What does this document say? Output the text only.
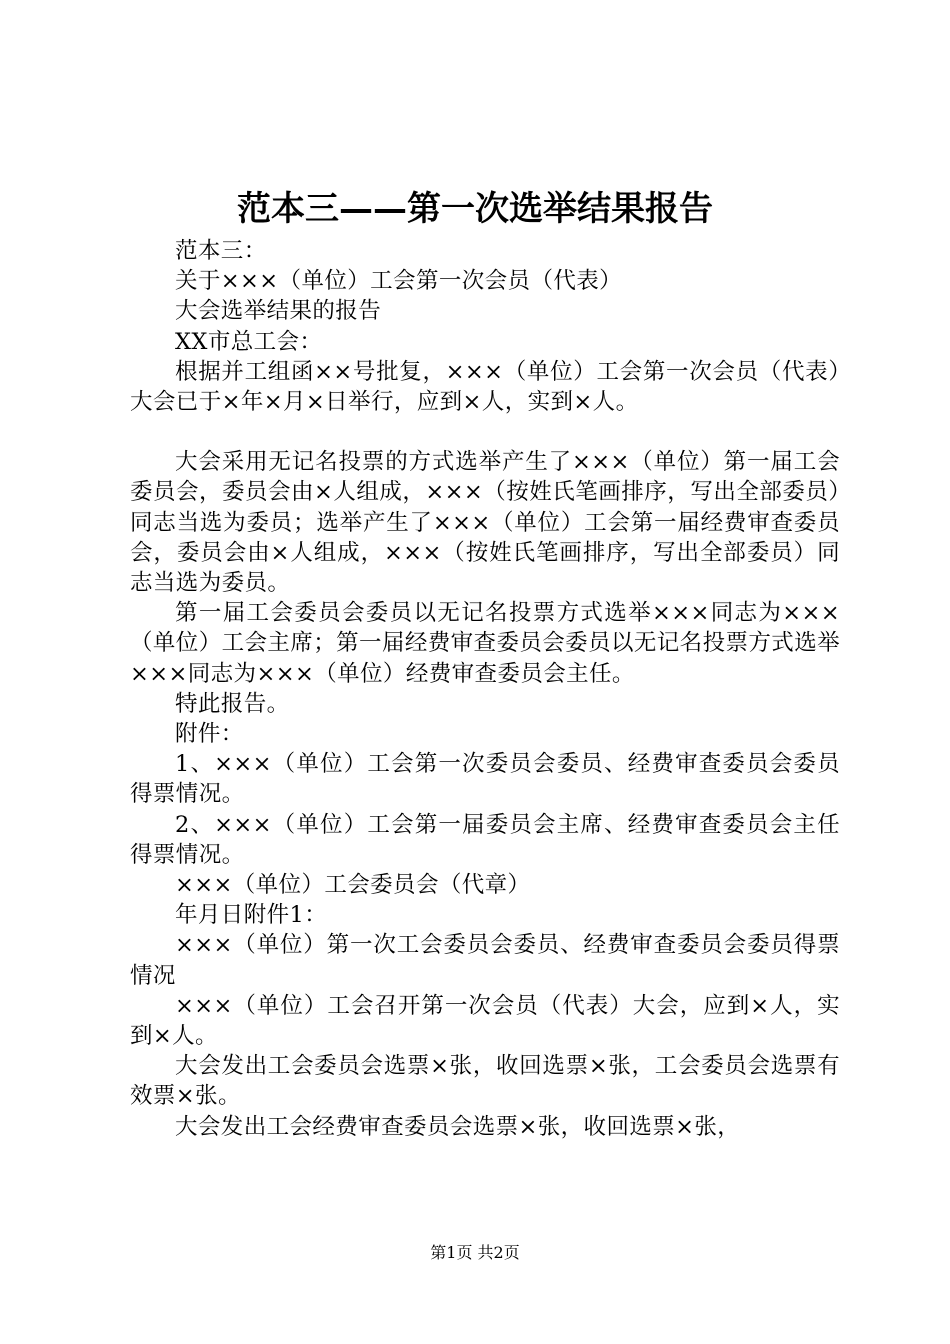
范本三——第一次选举结果报告

范本三：

关于×××（单位）工会第一次会员（代表）

大会选举结果的报告

XX市总工会：

根据并工组函××号批复，×××（单位）工会第一次会员（代表）大会已于×年×月×日举行，应到×人，实到×人。

大会采用无记名投票的方式选举产生了×××（单位）第一届工会委员会，委员会由×人组成，×××（按姓氏笔画排序，写出全部委员）同志当选为委员；选举产生了×××（单位）工会第一届经费审查委员会，委员会由×人组成，×××（按姓氏笔画排序，写出全部委员）同志当选为委员。

第一届工会委员会委员以无记名投票方式选举×××同志为×××（单位）工会主席；第一届经费审查委员会委员以无记名投票方式选举×××同志为×××（单位）经费审查委员会主任。

特此报告。

附件：

1、×××（单位）工会第一次委员会委员、经费审查委员会委员得票情况。

2、×××（单位）工会第一届委员会主席、经费审查委员会主任得票情况。

×××（单位）工会委员会（代章）

年月日附件1：

×××（单位）第一次工会委员会委员、经费审查委员会委员得票情况

×××（单位）工会召开第一次会员（代表）大会，应到×人，实到×人。

大会发出工会委员会选票×张，收回选票×张，工会委员会选票有效票×张。

大会发出工会经费审查委员会选票×张，收回选票×张，

第1页 共2页
